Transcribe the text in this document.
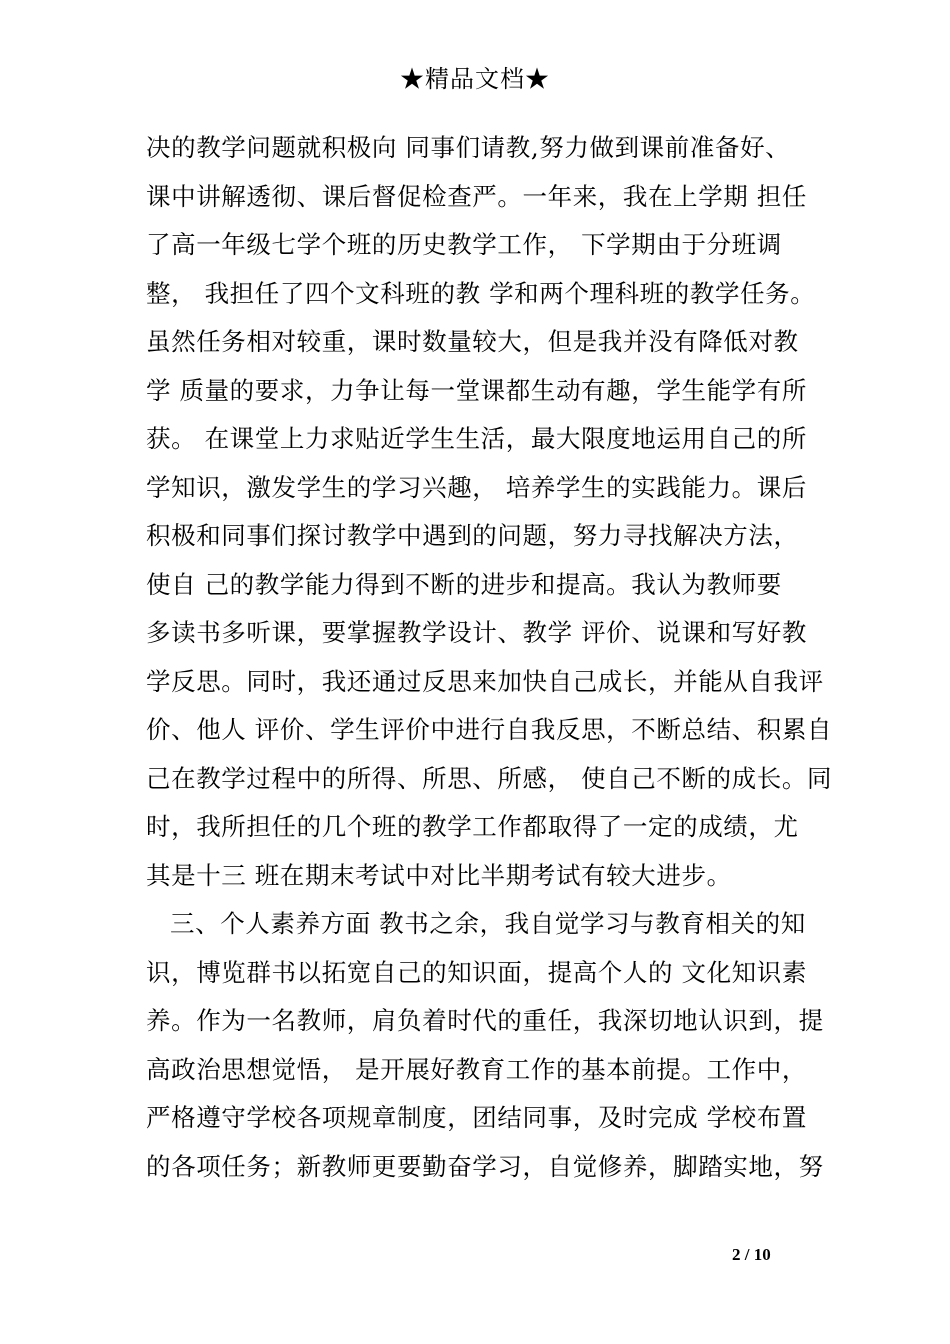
★精品文档★
决的教学问题就积极向 同事们请教,努力做到课前准备好、
课中讲解透彻、课后督促检查严。一年来，我在上学期 担任
了高一年级七学个班的历史教学工作， 下学期由于分班调
整， 我担任了四个文科班的教 学和两个理科班的教学任务。
虽然任务相对较重，课时数量较大，但是我并没有降低对教
学 质量的要求，力争让每一堂课都生动有趣，学生能学有所
获。 在课堂上力求贴近学生生活，最大限度地运用自己的所
学知识，激发学生的学习兴趣， 培养学生的实践能力。课后
积极和同事们探讨教学中遇到的问题，努力寻找解决方法，
使自 己的教学能力得到不断的进步和提高。我认为教师要
多读书多听课，要掌握教学设计、教学 评价、说课和写好教
学反思。同时，我还通过反思来加快自己成长，并能从自我评
价、他人 评价、学生评价中进行自我反思，不断总结、积累自
己在教学过程中的所得、所思、所感， 使自己不断的成长。同
时，我所担任的几个班的教学工作都取得了一定的成绩，尤
其是十三 班在期末考试中对比半期考试有较大进步。
三、个人素养方面 教书之余，我自觉学习与教育相关的知
识，博览群书以拓宽自己的知识面，提高个人的 文化知识素
养。作为一名教师，肩负着时代的重任，我深切地认识到，提
高政治思想觉悟， 是开展好教育工作的基本前提。工作中，
严格遵守学校各项规章制度，团结同事，及时完成 学校布置
的各项任务；新教师更要勤奋学习，自觉修养，脚踏实地，努
2 / 10
